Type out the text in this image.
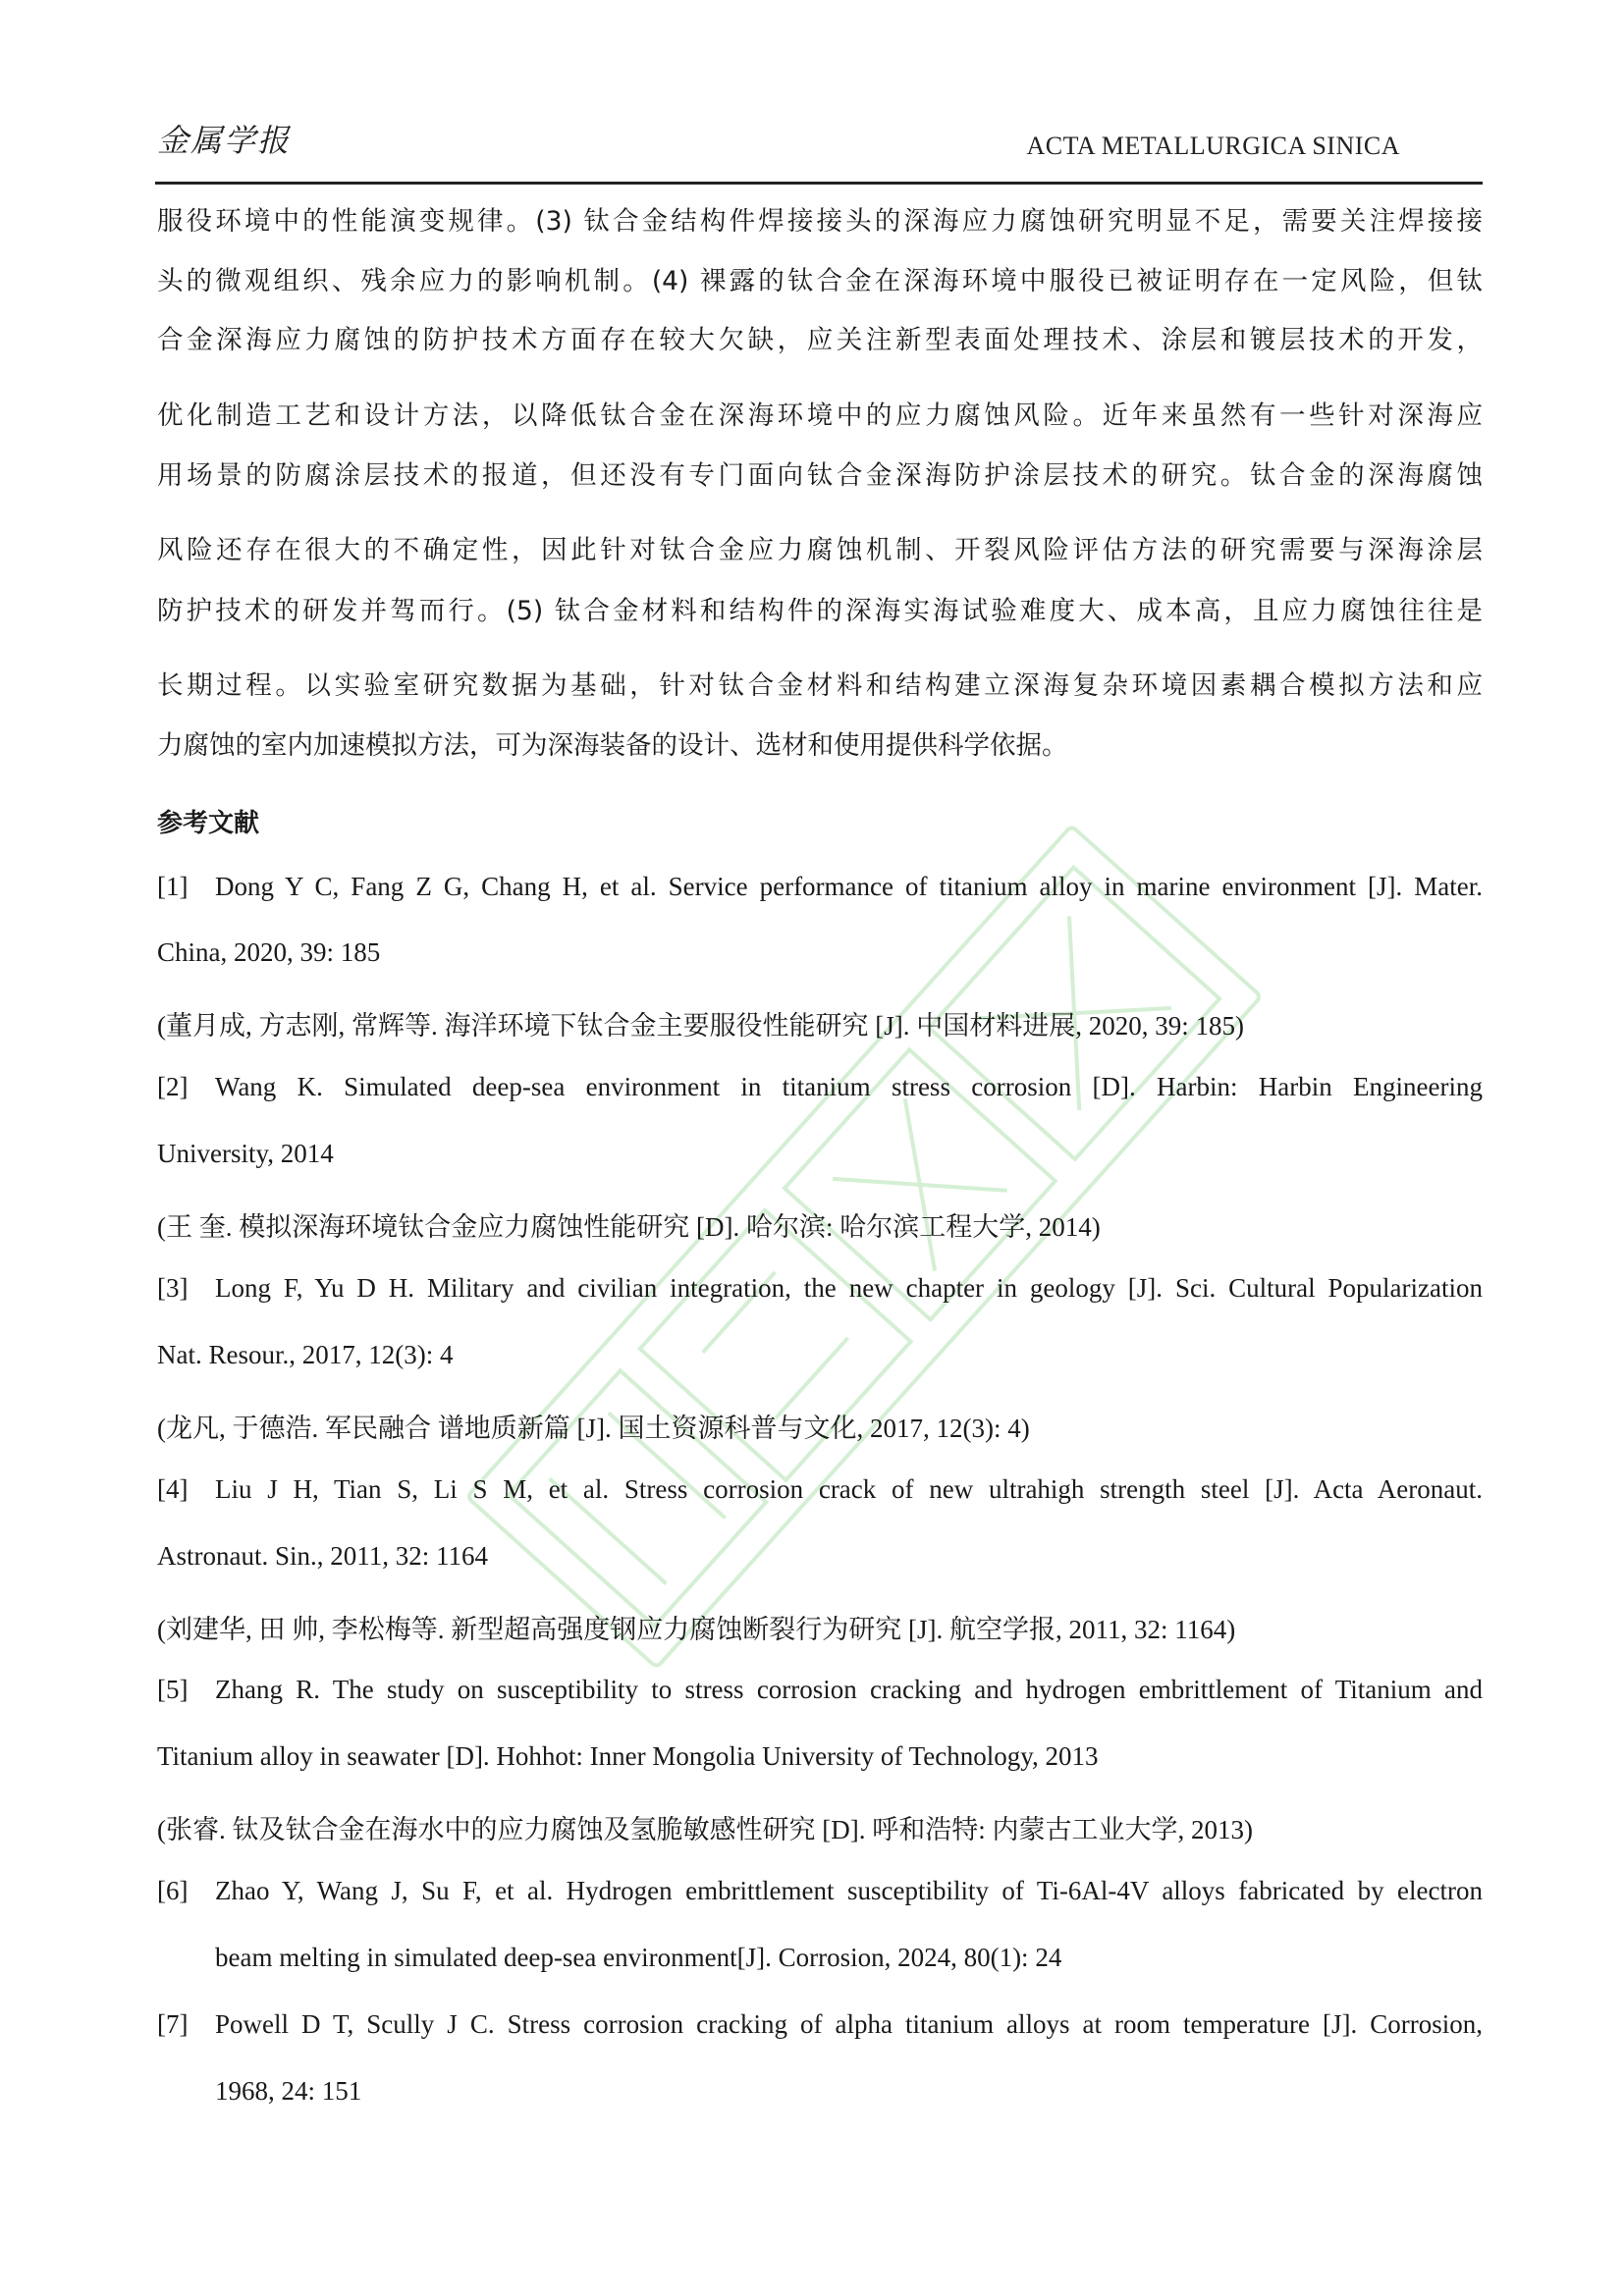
金属学报	ACTA METALLURGICA SINICA
服役环境中的性能演变规律。(3) 钛合金结构件焊接接头的深海应力腐蚀研究明显不足，需要关注焊接接
头的微观组织、残余应力的影响机制。(4) 裸露的钛合金在深海环境中服役已被证明存在一定风险，但钛
合金深海应力腐蚀的防护技术方面存在较大欠缺，应关注新型表面处理技术、涂层和镀层技术的开发，
优化制造工艺和设计方法，以降低钛合金在深海环境中的应力腐蚀风险。近年来虽然有一些针对深海应
用场景的防腐涂层技术的报道，但还没有专门面向钛合金深海防护涂层技术的研究。钛合金的深海腐蚀
风险还存在很大的不确定性，因此针对钛合金应力腐蚀机制、开裂风险评估方法的研究需要与深海涂层
防护技术的研发并驾而行。(5) 钛合金材料和结构件的深海实海试验难度大、成本高，且应力腐蚀往往是
长期过程。以实验室研究数据为基础，针对钛合金材料和结构建立深海复杂环境因素耦合模拟方法和应
力腐蚀的室内加速模拟方法，可为深海装备的设计、选材和使用提供科学依据。
参考文献
[1] Dong Y C, Fang Z G, Chang H, et al. Service performance of titanium alloy in marine environment [J]. Mater.
China, 2020, 39: 185
(董月成, 方志刚, 常辉等. 海洋环境下钛合金主要服役性能研究 [J]. 中国材料进展, 2020, 39: 185)
[2] Wang K. Simulated deep-sea environment in titanium stress corrosion [D]. Harbin: Harbin Engineering
University, 2014
(王 奎. 模拟深海环境钛合金应力腐蚀性能研究 [D]. 哈尔滨: 哈尔滨工程大学, 2014)
[3] Long F, Yu D H. Military and civilian integration, the new chapter in geology [J]. Sci. Cultural Popularization
Nat. Resour., 2017, 12(3): 4
(龙凡, 于德浩. 军民融合 谱地质新篇 [J]. 国土资源科普与文化, 2017, 12(3): 4)
[4] Liu J H, Tian S, Li S M, et al. Stress corrosion crack of new ultrahigh strength steel [J]. Acta Aeronaut.
Astronaut. Sin., 2011, 32: 1164
(刘建华, 田 帅, 李松梅等. 新型超高强度钢应力腐蚀断裂行为研究 [J]. 航空学报, 2011, 32: 1164)
[5] Zhang R. The study on susceptibility to stress corrosion cracking and hydrogen embrittlement of Titanium and
Titanium alloy in seawater [D]. Hohhot: Inner Mongolia University of Technology, 2013
(张睿. 钛及钛合金在海水中的应力腐蚀及氢脆敏感性研究 [D]. 呼和浩特: 内蒙古工业大学, 2013)
[6] Zhao Y, Wang J, Su F, et al. Hydrogen embrittlement susceptibility of Ti-6Al-4V alloys fabricated by electron
beam melting in simulated deep-sea environment[J]. Corrosion, 2024, 80(1): 24
[7] Powell D T, Scully J C. Stress corrosion cracking of alpha titanium alloys at room temperature [J]. Corrosion,
1968, 24: 151
